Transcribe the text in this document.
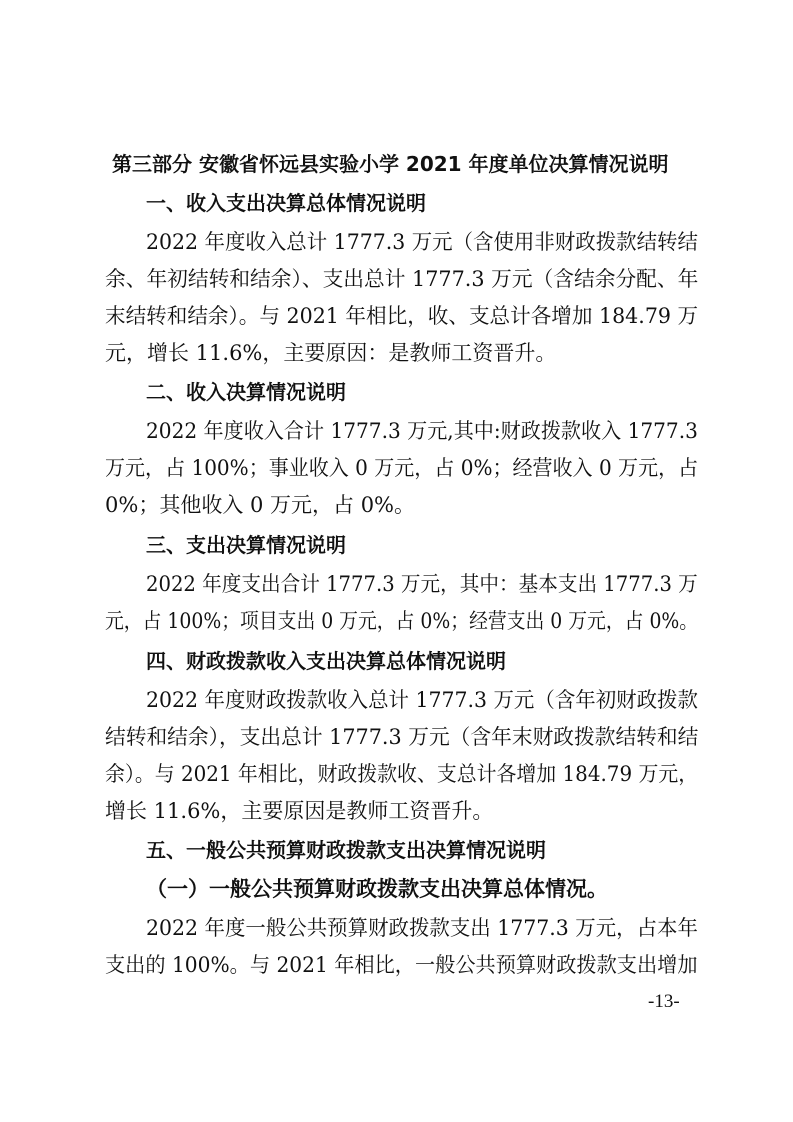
第三部分 安徽省怀远县实验小学 2021 年度单位决算情况说明
一、收入支出决算总体情况说明
2022 年度收入总计 1777.3 万元（含使用非财政拨款结转结
余、年初结转和结余）、支出总计 1777.3 万元（含结余分配、年
末结转和结余）。与 2021 年相比，收、支总计各增加 184.79 万
元，增长 11.6%，主要原因：是教师工资晋升。
二、收入决算情况说明
2022 年度收入合计 1777.3 万元,其中:财政拨款收入 1777.3
万元，占 100%；事业收入 0 万元，占 0%；经营收入 0 万元，占
0%；其他收入 0 万元，占 0%。
三、支出决算情况说明
2022 年度支出合计 1777.3 万元，其中：基本支出 1777.3 万
元，占 100%；项目支出 0 万元，占 0%；经营支出 0 万元，占 0%。
四、财政拨款收入支出决算总体情况说明
2022 年度财政拨款收入总计 1777.3 万元（含年初财政拨款
结转和结余），支出总计 1777.3 万元（含年末财政拨款结转和结
余）。与 2021 年相比，财政拨款收、支总计各增加 184.79 万元，
增长 11.6%，主要原因是教师工资晋升。
五、一般公共预算财政拨款支出决算情况说明
（一）一般公共预算财政拨款支出决算总体情况。
2022 年度一般公共预算财政拨款支出 1777.3 万元，占本年
支出的 100%。与 2021 年相比，一般公共预算财政拨款支出增加
-13-
